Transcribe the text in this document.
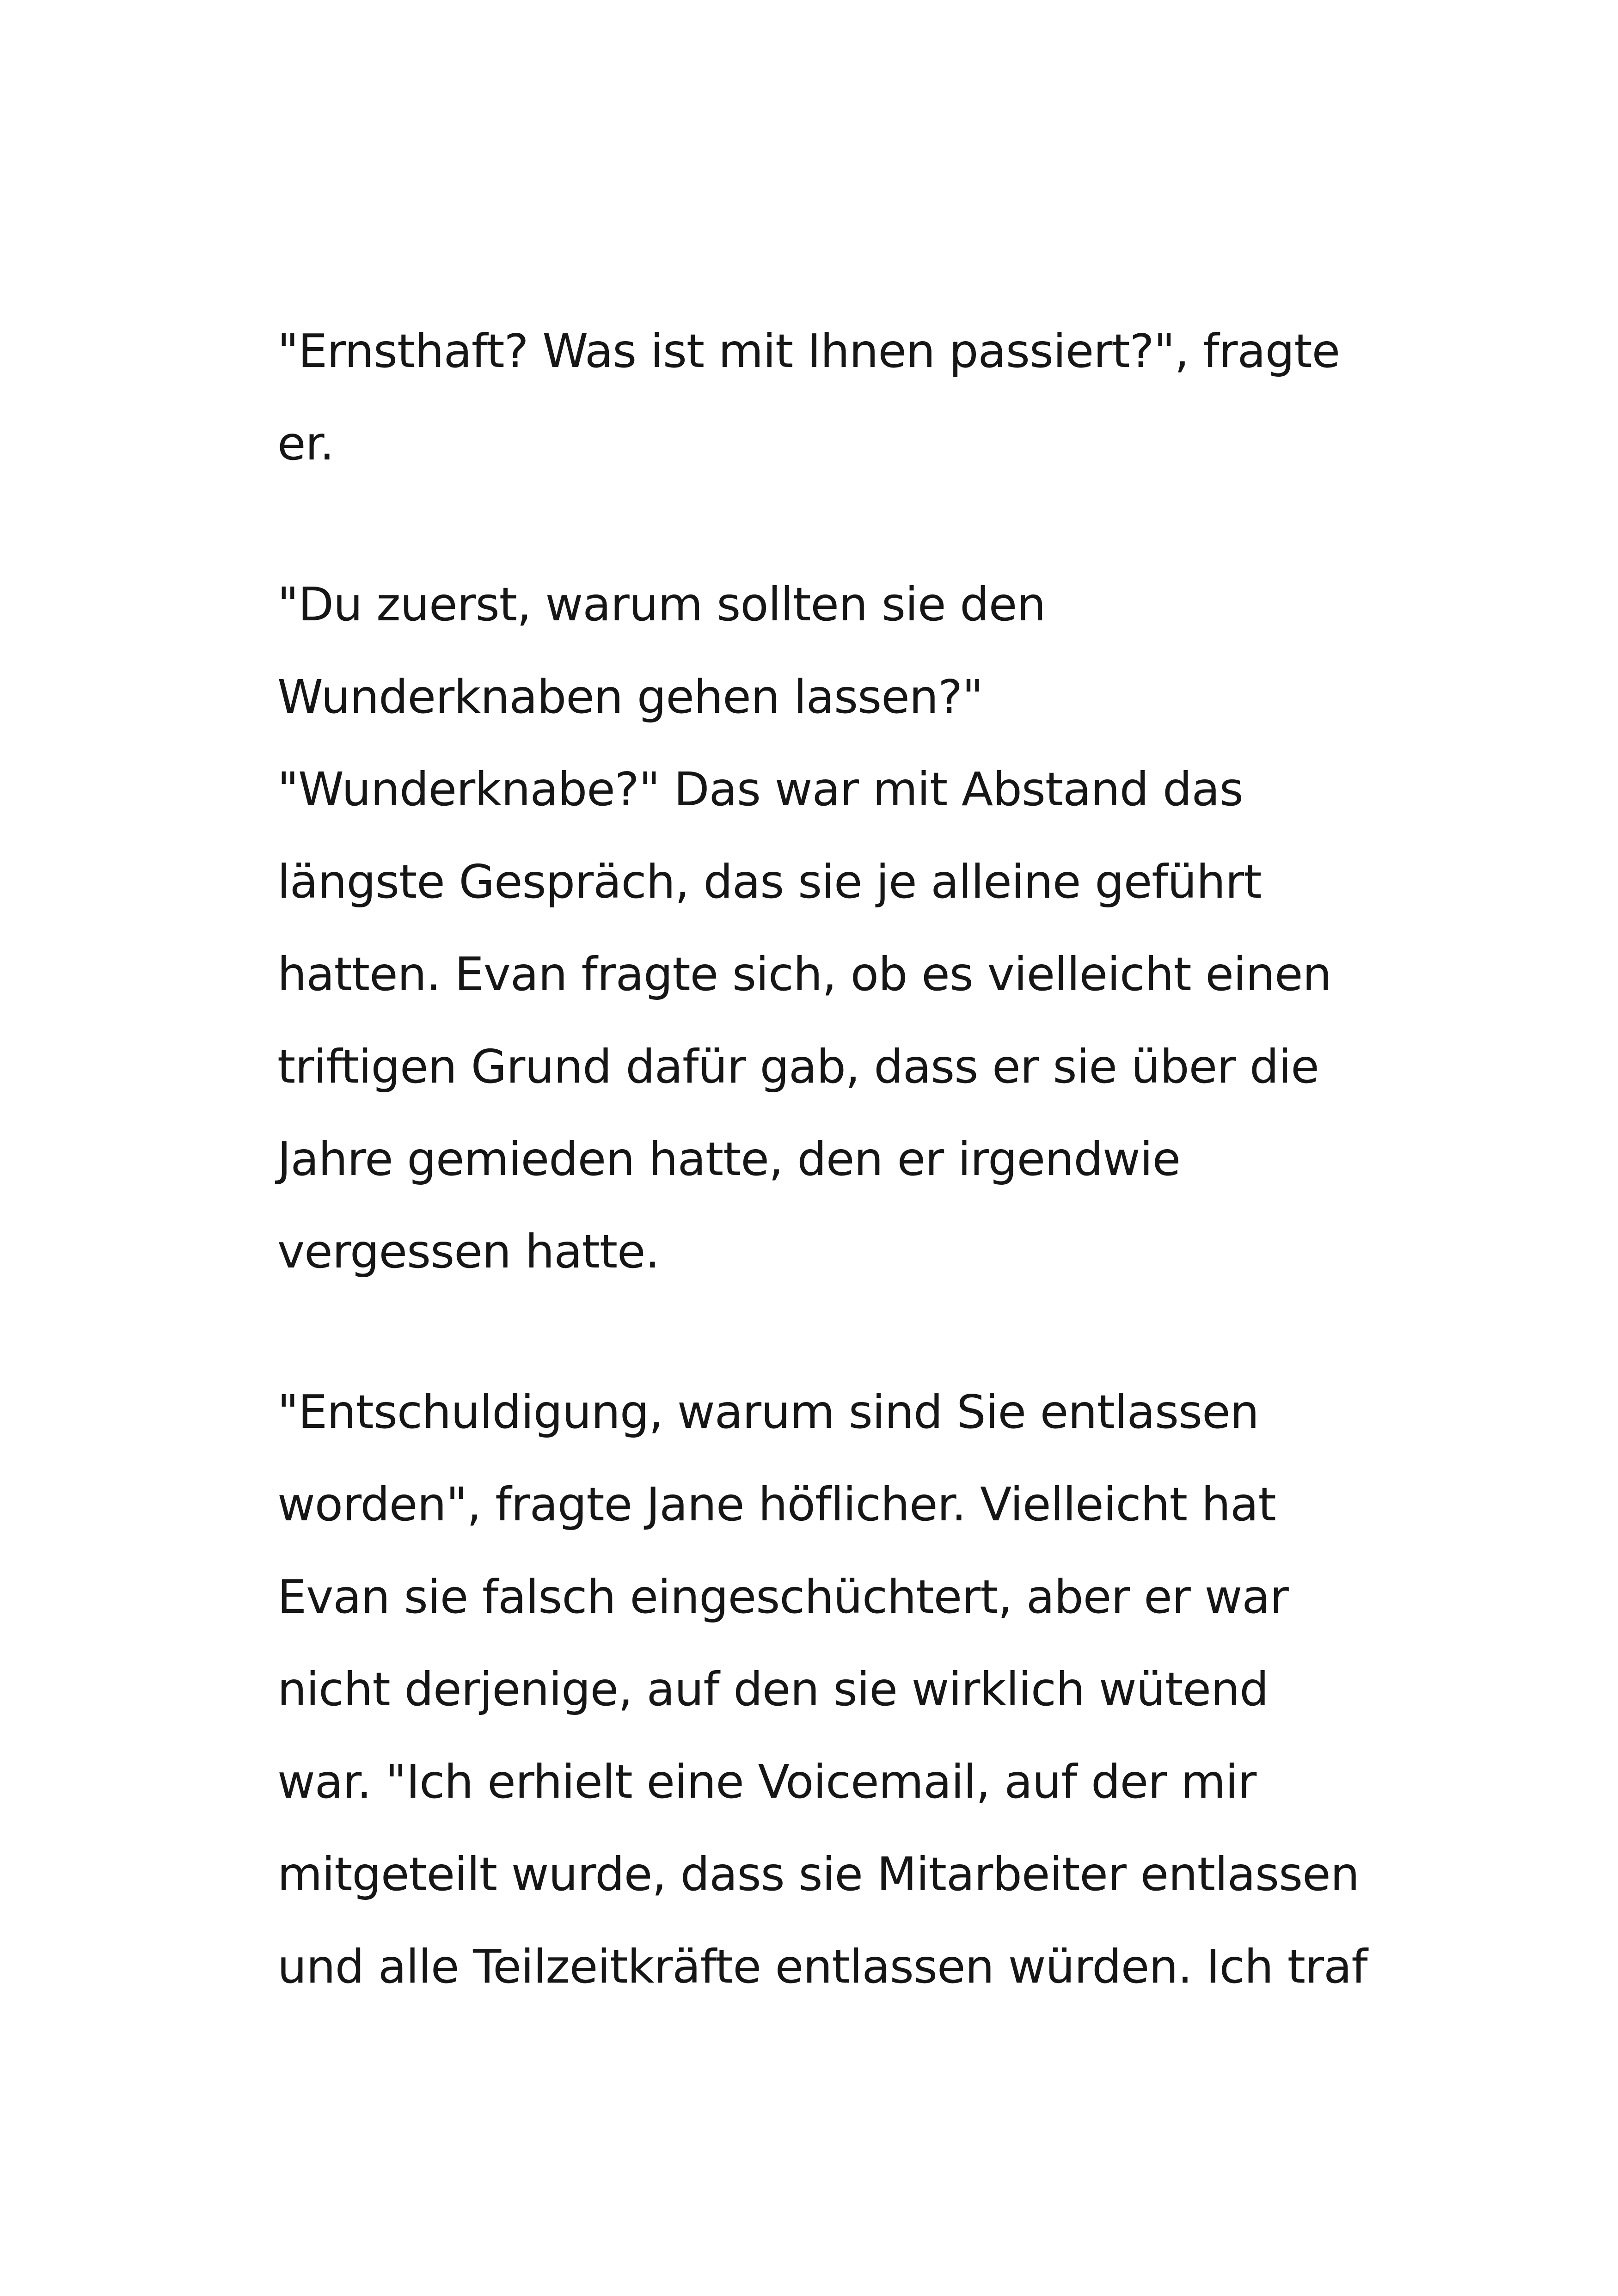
"Ernsthaft? Was ist mit Ihnen passiert?", fragte
er.
"Du zuerst, warum sollten sie den
Wunderknaben gehen lassen?"
"Wunderknabe?" Das war mit Abstand das
längste Gespräch, das sie je alleine geführt
hatten. Evan fragte sich, ob es vielleicht einen
triftigen Grund dafür gab, dass er sie über die
Jahre gemieden hatte, den er irgendwie
vergessen hatte.
"Entschuldigung, warum sind Sie entlassen
worden", fragte Jane höflicher. Vielleicht hat
Evan sie falsch eingeschüchtert, aber er war
nicht derjenige, auf den sie wirklich wütend
war. "Ich erhielt eine Voicemail, auf der mir
mitgeteilt wurde, dass sie Mitarbeiter entlassen
und alle Teilzeitkräfte entlassen würden. Ich traf
